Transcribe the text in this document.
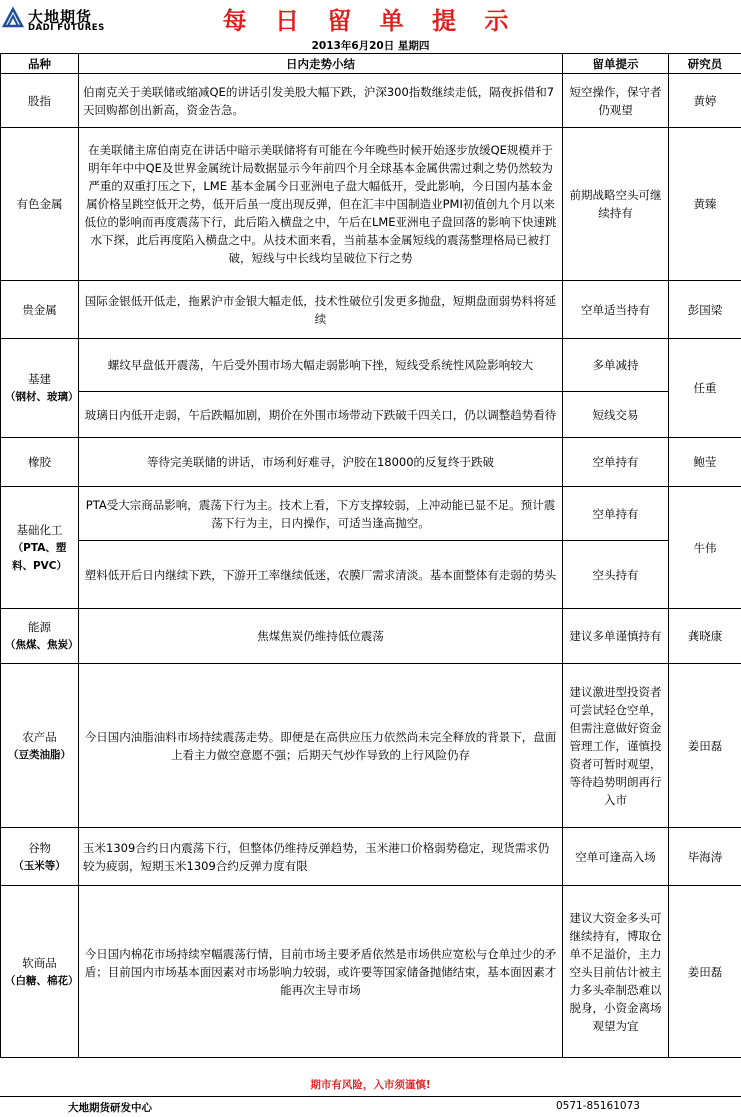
大地期货
DADI FUTURES	每 日 留 单 提 示
2013年6月20日 星期四
品种	日内走势小结	留单提示	研究员
股指	伯南克关于美联储或缩减QE的讲话引发美股大幅下跌，沪深300指数继续走低，隔夜拆借和7天回购都创出新高，资金告急。	短空操作，保守者仍观望	黄婷
有色金属	在美联储主席伯南克在讲话中暗示美联储将有可能在今年晚些时候开始逐步放缓QE规模并于明年年中中QE及世界金属统计局数据显示今年前四个月全球基本金属供需过剩之势仍然较为严重的双重打压之下，LME 基本金属今日亚洲电子盘大幅低开，受此影响，今日国内基本金属价格呈跳空低开之势，低开后虽一度出现反弹，但在汇丰中国制造业PMI初值创九个月以来低位的影响而再度震荡下行，此后陷入横盘之中，午后在LME亚洲电子盘回落的影响下快速跳水下探，此后再度陷入横盘之中。从技术面来看，当前基本金属短线的震荡整理格局已被打破，短线与中长线均呈破位下行之势	前期战略空头可继续持有	黄臻
贵金属	国际金银低开低走，拖累沪市金银大幅走低，技术性破位引发更多抛盘，短期盘面弱势料将延续	空单适当持有	彭国梁

基建
（钢材、玻璃）	螺纹早盘低开震荡，午后受外围市场大幅走弱影响下挫，短线受系统性风险影响较大	多单减持	任重
	玻璃日内低开走弱，午后跌幅加剧，期价在外围市场带动下跌破千四关口，仍以调整趋势看待	短线交易	
橡胶	等待完美联储的讲话，市场利好难寻，沪胶在18000的反复终于跌破	空单持有	鲍莹

基础化工
（PTA、塑料、PVC）	PTA受大宗商品影响，震荡下行为主。技术上看，下方支撑较弱，上冲动能已显不足。预计震荡下行为主，日内操作，可适当逢高抛空。	空单持有	牛伟
	塑料低开后日内继续下跌，下游开工率继续低迷，农膜厂需求清淡。基本面整体有走弱的势头	空头持有	

能源
（焦煤、焦炭）	焦煤焦炭仍维持低位震荡	建议多单谨慎持有	龚晓康

农产品
（豆类油脂）	今日国内油脂油料市场持续震荡走势。即便是在高供应压力依然尚未完全释放的背景下，盘面上看主力做空意愿不强；后期天气炒作导致的上行风险仍存	建议激进型投资者可尝试轻仓空单，但需注意做好资金管理工作，谨慎投资者可暂时观望，等待趋势明朗再行入市	姜田磊

谷物
（玉米等）	玉米1309合约日内震荡下行，但整体仍维持反弹趋势，玉米港口价格弱势稳定，现货需求仍较为疲弱，短期玉米1309合约反弹力度有限	空单可逢高入场	毕海涛

软商品
（白糖、棉花）	今日国内棉花市场持续窄幅震荡行情，目前市场主要矛盾依然是市场供应宽松与仓单过少的矛盾；目前国内市场基本面因素对市场影响力较弱，或许要等国家储备抛储结束，基本面因素才能再次主导市场	建议大资金多头可继续持有，博取仓单不足溢价，主力空头目前估计被主力多头牵制恐难以脱身，小资金离场观望为宜	姜田磊
期市有风险，入市须谨慎!
大地期货研发中心	0571-85161073
